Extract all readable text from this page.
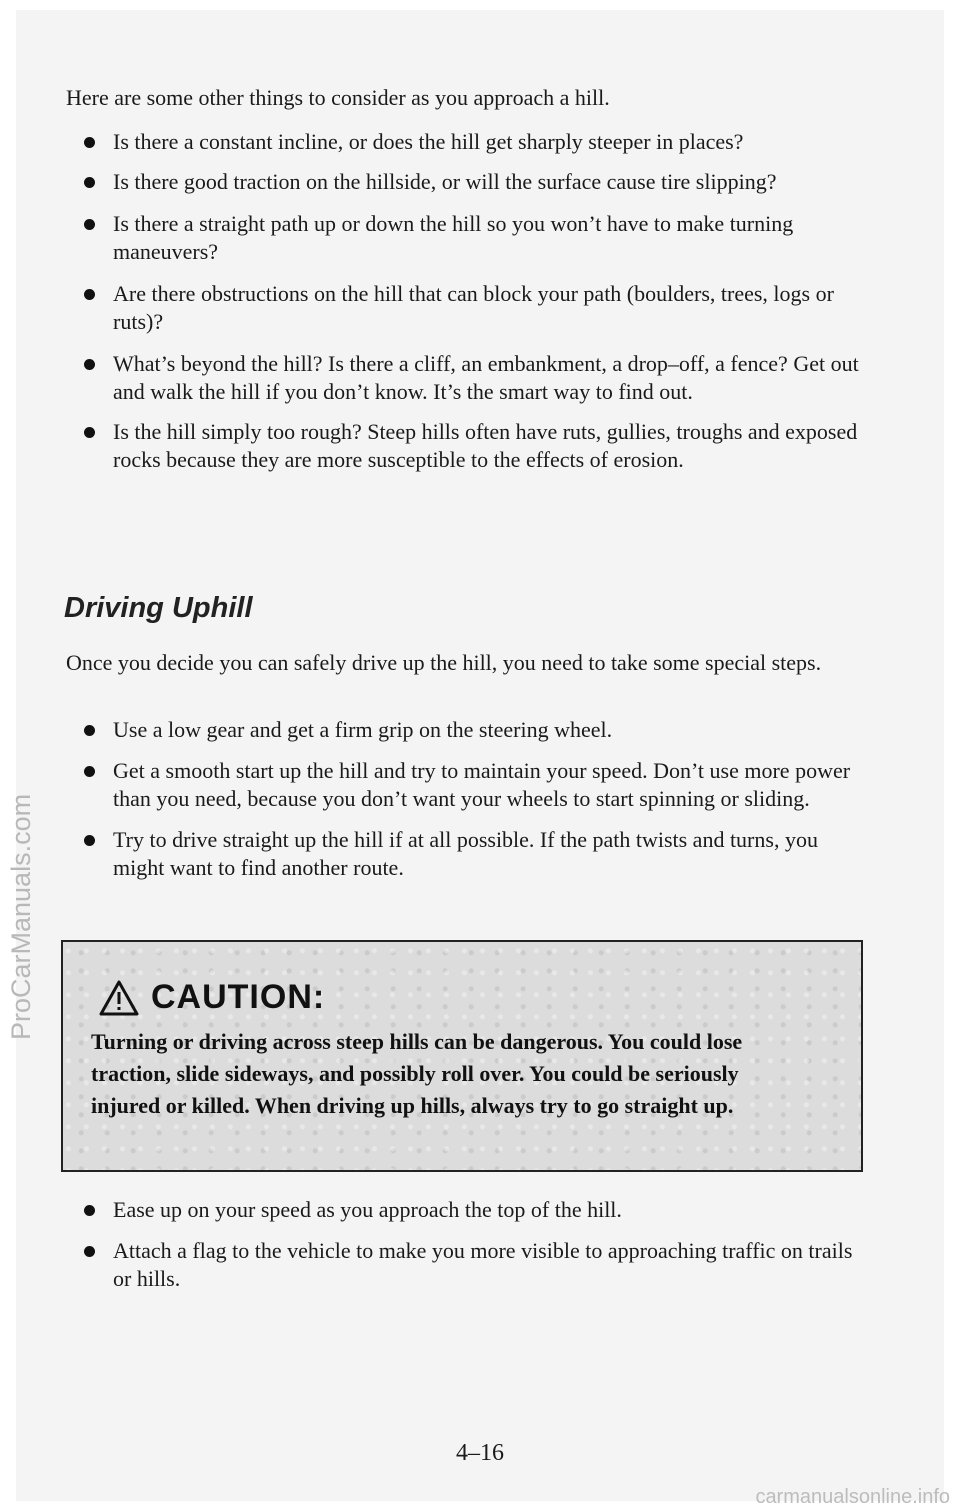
Here are some other things to consider as you approach a hill.
Is there a constant incline, or does the hill get sharply steeper in places?
Is there good traction on the hillside, or will the surface cause tire slipping?
Is there a straight path up or down the hill so you won’t have to make turning maneuvers?
Are there obstructions on the hill that can block your path (boulders, trees, logs or ruts)?
What’s beyond the hill? Is there a cliff, an embankment, a drop–off, a fence? Get out and walk the hill if you don’t know. It’s the smart way to find out.
Is the hill simply too rough? Steep hills often have ruts, gullies, troughs and exposed rocks because they are more susceptible to the effects of erosion.
Driving Uphill
Once you decide you can safely drive up the hill, you need to take some special steps.
Use a low gear and get a firm grip on the steering wheel.
Get a smooth start up the hill and try to maintain your speed. Don’t use more power than you need, because you don’t want your wheels to start spinning or sliding.
Try to drive straight up the hill if at all possible. If the path twists and turns, you might want to find another route.
CAUTION:
Turning or driving across steep hills can be dangerous. You could lose traction, slide sideways, and possibly roll over. You could be seriously injured or killed. When driving up hills, always try to go straight up.
Ease up on your speed as you approach the top of the hill.
Attach a flag to the vehicle to make you more visible to approaching traffic on trails or hills.
4–16
ProCarManuals.com
carmanualsonline.info
